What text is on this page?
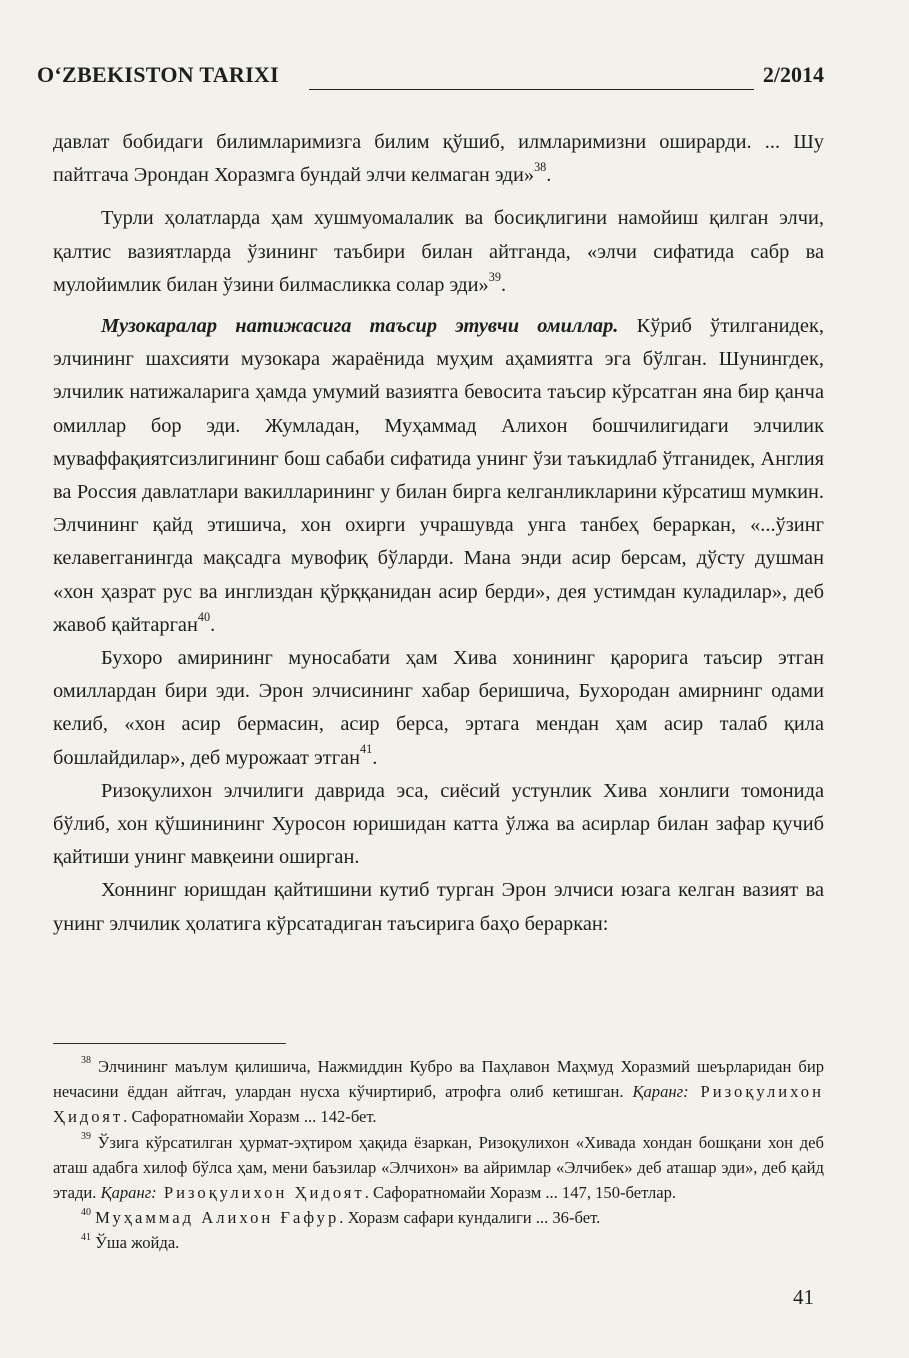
O‘ZBEKISTON TARIXI	2/2014

давлат бобидаги билимларимизга билим қўшиб, илмларимизни оширарди. ... Шу пайтгача Эрондан Хоразмга бундай элчи келмаган эди»$^{38}$.

Турли ҳолатларда ҳам хушмуомалалик ва босиқлигини намойиш қилган элчи, қалтис вазиятларда ўзининг таъбири билан айтганда, «элчи сифатида сабр ва мулойимлик билан ўзини билмасликка солар эди»$^{39}$.

Музокаралар натижасига таъсир этувчи омиллар. Кўриб ўтилганидек, элчининг шахсияти музокара жараёнида муҳим аҳамиятга эга бўлган. Шунингдек, элчилик натижаларига ҳамда умумий вазиятга бевосита таъсир кўрсатган яна бир қанча омиллар бор эди. Жумладан, Муҳаммад Алихон бошчилигидаги элчилик муваффақиятсизлигининг бош сабаби сифатида унинг ўзи таъкидлаб ўтганидек, Англия ва Россия давлатлари вакилларининг у билан бирга келганликларини кўрсатиш мумкин. Элчининг қайд этишича, хон охирги учрашувда унга танбеҳ бераркан, «...ўзинг келавerганингда мақсадга мувофиқ бўларди. Мана энди асир берсам, дўсту душман «хон ҳазрат рус ва инглиздан қўрққанидан асир берди», дея устимдан куладилар», деб жавоб қайтарган$^{40}$.

Бухоро амирининг муносабати ҳам Хива хонининг қарорига таъсир этган омиллардан бири эди. Эрон элчисининг хабар беришича, Бухородан амирнинг одами келиб, «хон асир бермасин, асир берса, эртага мендан ҳам асир талаб қила бошлайдилар», деб мурожаат этган$^{41}$.

Ризоқулихон элчилиги даврида эса, сиёсий устунлик Хива хонлиги томонида бўлиб, хон қўшинининг Хуросон юришидан катта ўлжа ва асирлар билан зафар қучиб қайтиши унинг мавқеини оширган.

Хоннинг юришдан қайтишини кутиб турган Эрон элчиси юзага келган вазият ва унинг элчилик ҳолатига кўрсатадиган таъсирига баҳо бераркан:

$^{38}$ Элчининг маълум қилишича, Нажмиддин Кубро ва Паҳлавон Маҳмуд Хоразмий шеърларидан бир нечасини ёддан айтгач, улардан нусха кўчиртириб, атрофга олиб кетишган. Қаранг: Ризоқулихон Ҳидоят. Сафоратномайи Хоразм ... 142-бет.

$^{39}$ Ўзига кўрсатилган ҳурмат-эҳтиром ҳақида ёзаркан, Ризоқулихон «Хивада хондан бошқани хон деб аташ адабга хилоф бўлса ҳам, мени баъзилар «Элчихон» ва айримлар «Элчибек» деб аташар эди», деб қайд этади. Қаранг: Ризоқулихон Ҳидоят. Сафоратномайи Хоразм ... 147, 150-бетлар.

$^{40}$ Муҳаммад Алихон Ғафур. Хоразм сафари кундалиги ... 36-бет.

$^{41}$ Ўша жойда.

41
